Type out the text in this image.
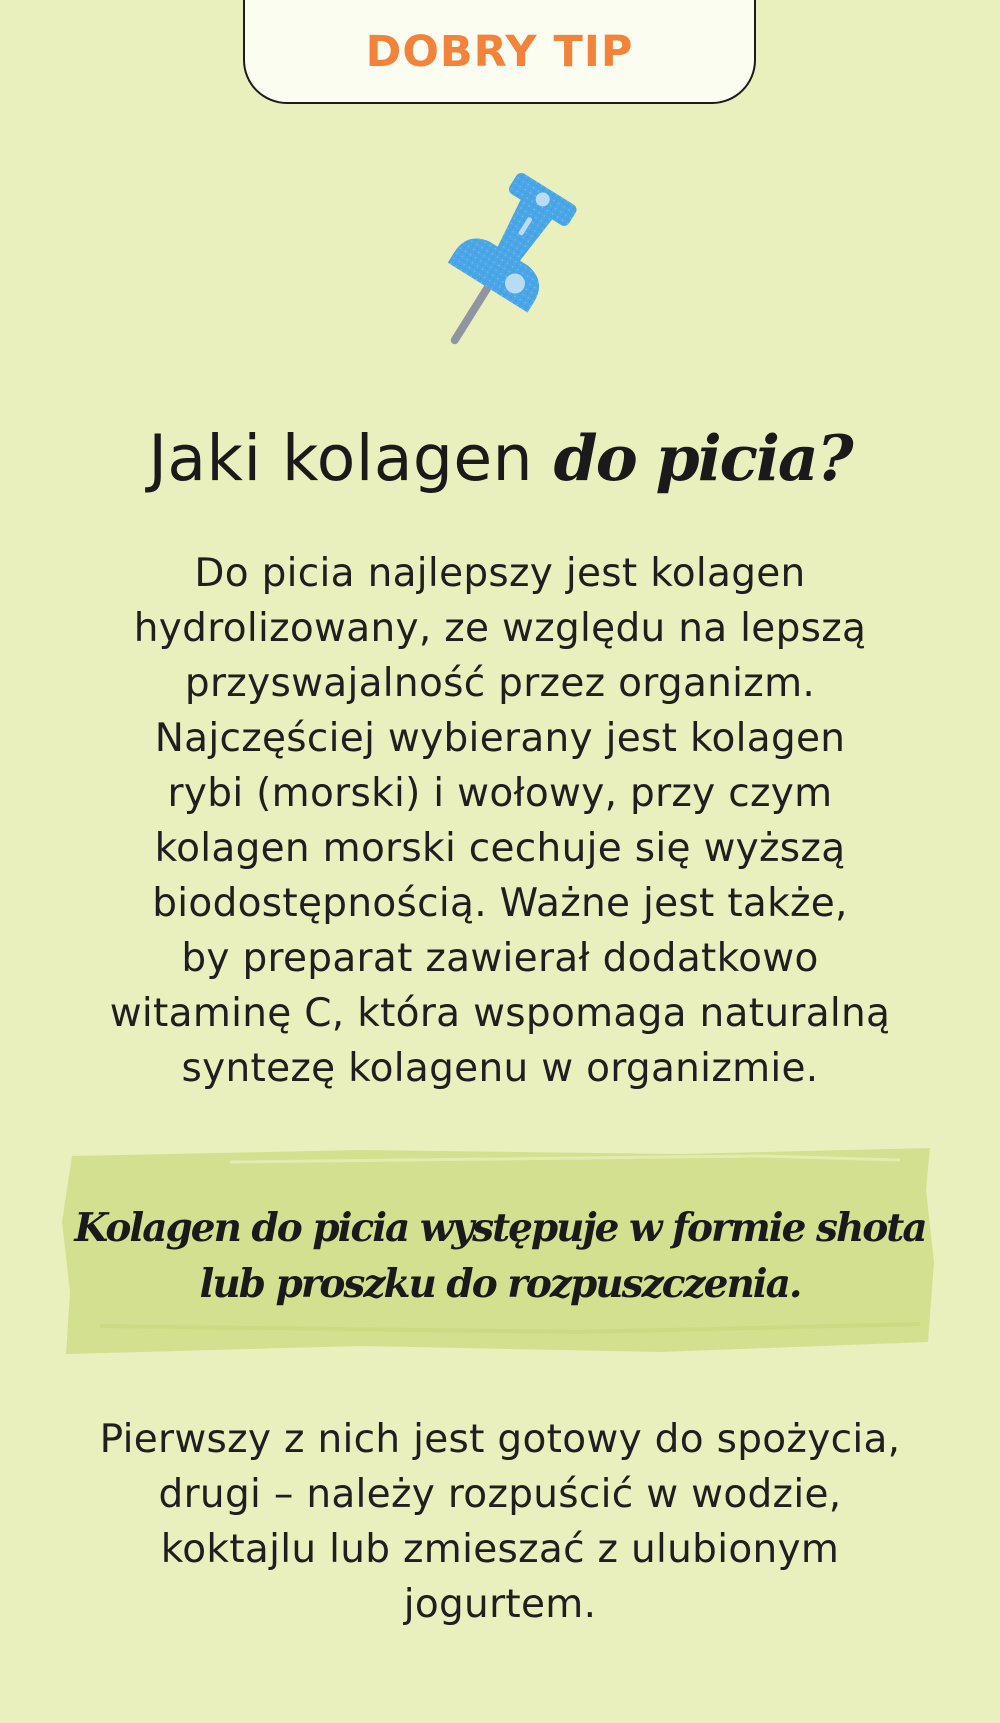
DOBRY TIP
Jaki kolagen do picia?
Do picia najlepszy jest kolagen
hydrolizowany, ze względu na lepszą
przyswajalność przez organizm.
Najczęściej wybierany jest kolagen
rybi (morski) i wołowy, przy czym
kolagen morski cechuje się wyższą
biodostępnością. Ważne jest także,
by preparat zawierał dodatkowo
witaminę C, która wspomaga naturalną
syntezę kolagenu w organizmie.
Kolagen do picia występuje w formie shota
lub proszku do rozpuszczenia.
Pierwszy z nich jest gotowy do spożycia,
drugi – należy rozpuścić w wodzie,
koktajlu lub zmieszać z ulubionym
jogurtem.
